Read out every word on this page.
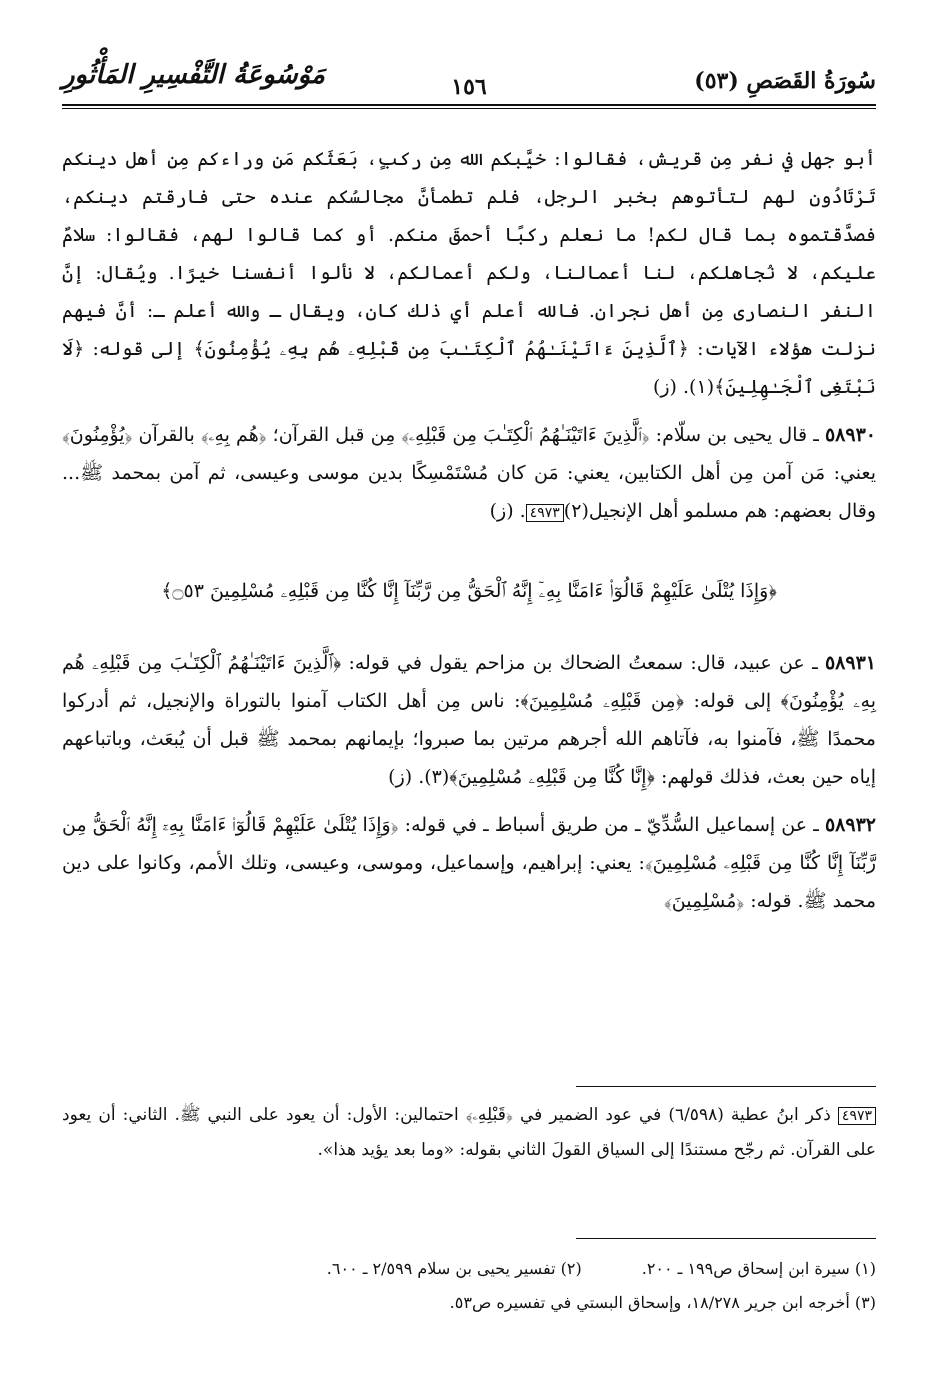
سُورَةُ القَصَصِ (٥٣)
١٥٦
مَوْسُوعَةُ التَّفْسِيرِ المَأْثُورِ

أبو جهل في نفر مِن قريش، فقالوا: خيَّبكم الله مِن ركبٍ، بَعَثَكم مَن وراءكم مِن أهل دينكم تَرْتَادُون لهم لتأتوهم بخبر الرجل، فلم تطمأنَّ مجالسُكم عنده حتى فارقتم دينكم، فصدَّقتموه بما قال لكم! ما نعلم ركبًا أحمقَ منكم. أو كما قالوا لهم، فقالوا: سلامٌ عليكم، لا نُجاهلكم، لنا أعمالنا، ولكم أعمالكم، لا نألوا أنفسنا خيرًا. ويُقال: إنَّ النفر النصارى مِن أهل نجران. فالله أعلم أي ذلك كان، ويقال ـ والله أعلم ـ: أنَّ فيهم نزلت هؤلاء الآيات: ﴿ٱلَّذِينَ ءَاتَيْنَـٰهُمُ ٱلْكِتَـٰبَ مِن قَبْلِهِۦ هُم بِهِۦ يُؤْمِنُونَ﴾ إلى قوله: ﴿لَا نَبْتَغِى ٱلْجَـٰهِلِينَ﴾(١). (ز)

٥٨٩٣٠ ـ قال يحيى بن سلّام: ﴿ٱلَّذِينَ ءَاتَيْنَـٰهُمُ ٱلْكِتَـٰبَ مِن قَبْلِهِۦ﴾ مِن قبل القرآن؛ ﴿هُم بِهِۦ﴾ بالقرآن ﴿يُؤْمِنُونَ﴾ يعني: مَن آمن مِن أهل الكتابين، يعني: مَن كان مُسْتَمْسِكًا بدين موسى وعيسى، ثم آمن بمحمد ﷺ... وقال بعضهم: هم مسلمو أهل الإنجيل(٢)٤٩٧٣. (ز)

﴿وَإِذَا يُتْلَىٰ عَلَيْهِمْ قَالُوٓا۟ ءَامَنَّا بِهِۦٓ إِنَّهُ ٱلْحَقُّ مِن رَّبِّنَآ إِنَّا كُنَّا مِن قَبْلِهِۦ مُسْلِمِينَ ۝٥٣﴾

٥٨٩٣١ ـ عن عبيد، قال: سمعتُ الضحاك بن مزاحم يقول في قوله: ﴿ٱلَّذِينَ ءَاتَيْنَـٰهُمُ ٱلْكِتَـٰبَ مِن قَبْلِهِۦ هُم بِهِۦ يُؤْمِنُونَ﴾ إلى قوله: ﴿مِن قَبْلِهِۦ مُسْلِمِينَ﴾: ناس مِن أهل الكتاب آمنوا بالتوراة والإنجيل، ثم أدركوا محمدًا ﷺ، فآمنوا به، فآتاهم الله أجرهم مرتين بما صبروا؛ بإيمانهم بمحمد ﷺ قبل أن يُبعَث، وباتباعهم إياه حين بعث، فذلك قولهم: ﴿إِنَّا كُنَّا مِن قَبْلِهِۦ مُسْلِمِينَ﴾(٣). (ز)

٥٨٩٣٢ ـ عن إسماعيل السُّدِّيّ ـ من طريق أسباط ـ في قوله: ﴿وَإِذَا يُتْلَىٰ عَلَيْهِمْ قَالُوٓا۟ ءَامَنَّا بِهِۦٓ إِنَّهُ ٱلْحَقُّ مِن رَّبِّنَآ إِنَّا كُنَّا مِن قَبْلِهِۦ مُسْلِمِينَ﴾: يعني: إبراهيم، وإسماعيل، وموسى، وعيسى، وتلك الأمم، وكانوا على دين محمد ﷺ. قوله: ﴿مُسْلِمِينَ﴾

٤٩٧٣ ذكر ابنُ عطية (٦/٥٩٨) في عود الضمير في ﴿قَبْلِهِۦ﴾ احتمالين: الأول: أن يعود على النبي ﷺ. الثاني: أن يعود على القرآن. ثم رجّح مستندًا إلى السياق القولَ الثاني بقوله: «وما بعد يؤيد هذا».
(١) سيرة ابن إسحاق ص١٩٩ ـ ٢٠٠.
(٢) تفسير يحيى بن سلام ٢/٥٩٩ ـ ٦٠٠.
(٣) أخرجه ابن جرير ١٨/٢٧٨، وإسحاق البستي في تفسيره ص٥٣.
